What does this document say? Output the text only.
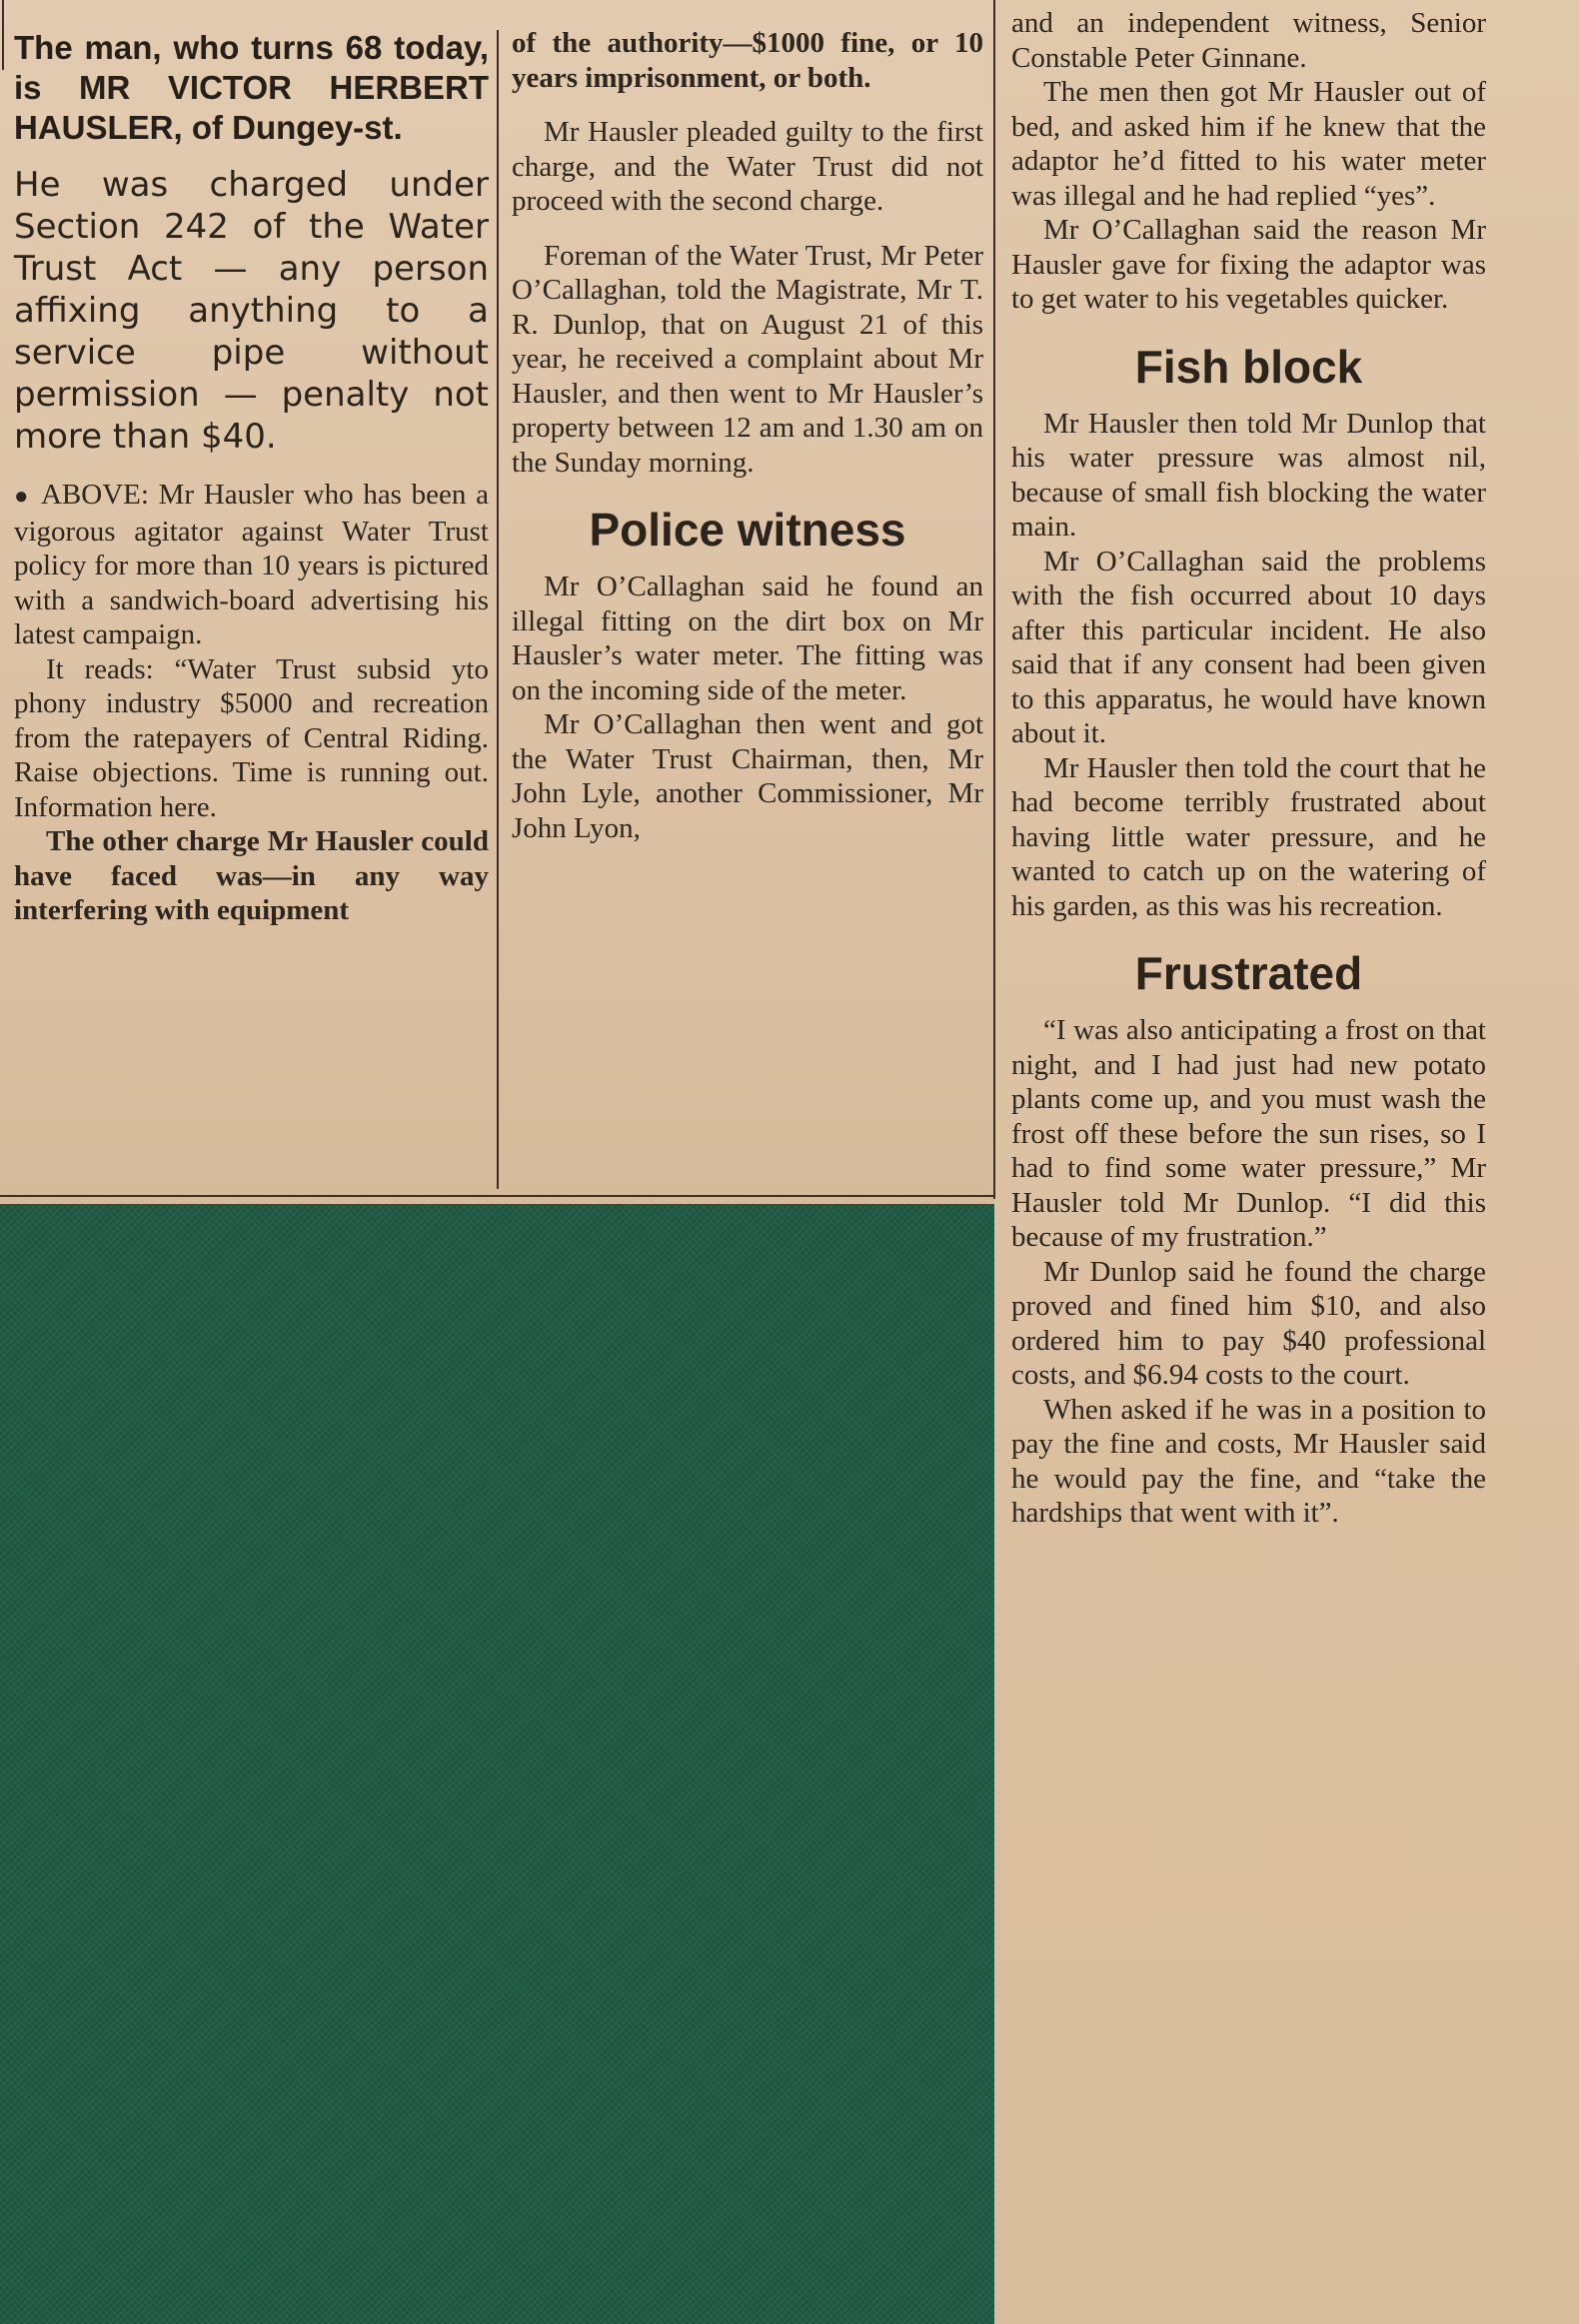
The man, who turns 68 today, is MR VICTOR HERBERT HAUSLER, of Dungey-st.

He was charged under Section 242 of the Water Trust Act — any person affixing anything to a service pipe without permission — penalty not more than $40.

● ABOVE: Mr Hausler who has been a vigorous agitator against Water Trust policy for more than 10 years is pictured with a sandwich-board advertising his latest campaign.

It reads: “Water Trust subsid yto phony industry $5000 and recreation from the ratepayers of Central Riding. Raise objections. Time is running out. Information here.

The other charge Mr Hausler could have faced was—in any way interfering with equipment

of the authority—$1000 fine, or 10 years imprisonment, or both.

Mr Hausler pleaded guilty to the first charge, and the Water Trust did not proceed with the second charge.

Foreman of the Water Trust, Mr Peter O’Callaghan, told the Magistrate, Mr T. R. Dunlop, that on August 21 of this year, he received a complaint about Mr Hausler, and then went to Mr Hausler’s property between 12 am and 1.30 am on the Sunday morning.

Police witness

Mr O’Callaghan said he found an illegal fitting on the dirt box on Mr Hausler’s water meter. The fitting was on the incoming side of the meter.

Mr O’Callaghan then went and got the Water Trust Chairman, then, Mr John Lyle, another Commissioner, Mr John Lyon,

and an independent witness, Senior Constable Peter Ginnane.

The men then got Mr Hausler out of bed, and asked him if he knew that the adaptor he’d fitted to his water meter was illegal and he had replied “yes”.

Mr O’Callaghan said the reason Mr Hausler gave for fixing the adaptor was to get water to his vegetables quicker.

Fish block

Mr Hausler then told Mr Dunlop that his water pressure was almost nil, because of small fish blocking the water main.

Mr O’Callaghan said the problems with the fish occurred about 10 days after this particular incident. He also said that if any consent had been given to this apparatus, he would have known about it.

Mr Hausler then told the court that he had become terribly frustrated about having little water pressure, and he wanted to catch up on the watering of his garden, as this was his recreation.

Frustrated

“I was also anticipating a frost on that night, and I had just had new potato plants come up, and you must wash the frost off these before the sun rises, so I had to find some water pressure,” Mr Hausler told Mr Dunlop. “I did this because of my frustration.”

Mr Dunlop said he found the charge proved and fined him $10, and also ordered him to pay $40 professional costs, and $6.94 costs to the court.

When asked if he was in a position to pay the fine and costs, Mr Hausler said he would pay the fine, and “take the hardships that went with it”.
